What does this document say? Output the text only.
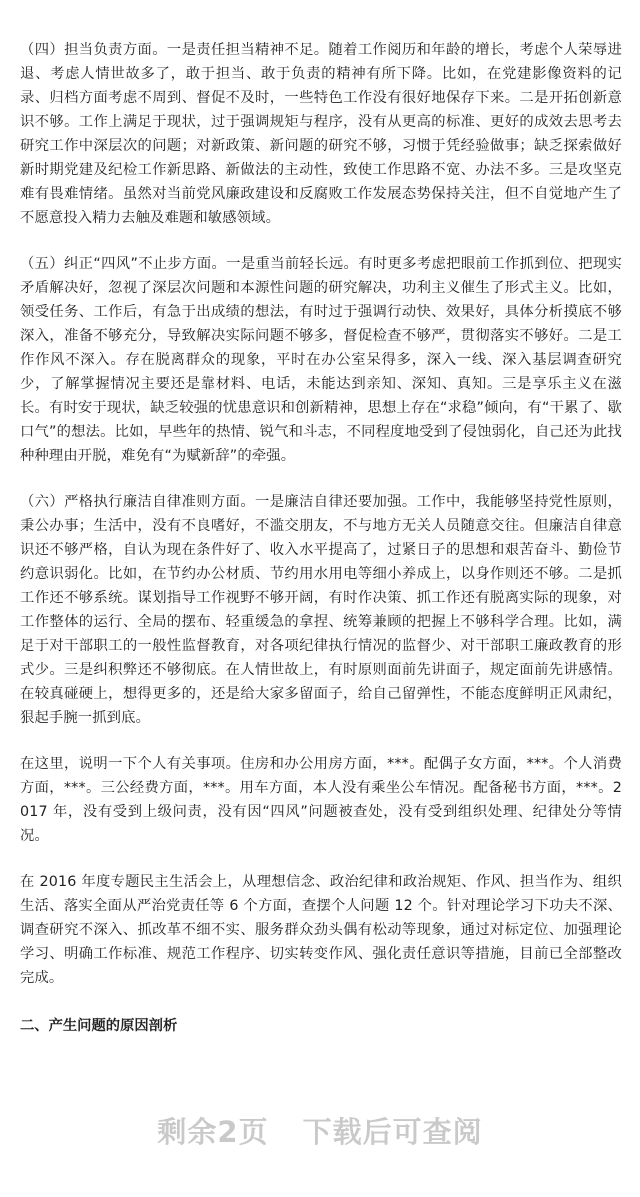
（四）担当负责方面。一是责任担当精神不足。随着工作阅历和年龄的增长，考虑个人荣辱进退、考虑人情世故多了，敢于担当、敢于负责的精神有所下降。比如，在党建影像资料的记录、归档方面考虑不周到、督促不及时，一些特色工作没有很好地保存下来。二是开拓创新意识不够。工作上满足于现状，过于强调规矩与程序，没有从更高的标准、更好的成效去思考去研究工作中深层次的问题；对新政策、新问题的研究不够，习惯于凭经验做事；缺乏探索做好新时期党建及纪检工作新思路、新做法的主动性，致使工作思路不宽、办法不多。三是攻坚克难有畏难情绪。虽然对当前党风廉政建设和反腐败工作发展态势保持关注，但不自觉地产生了不愿意投入精力去触及难题和敏感领域。

（五）纠正“四风”不止步方面。一是重当前轻长远。有时更多考虑把眼前工作抓到位、把现实矛盾解决好，忽视了深层次问题和本源性问题的研究解决，功利主义催生了形式主义。比如，领受任务、工作后，有急于出成绩的想法，有时过于强调行动快、效果好，具体分析摸底不够深入，准备不够充分，导致解决实际问题不够多，督促检查不够严，贯彻落实不够好。二是工作作风不深入。存在脱离群众的现象，平时在办公室呆得多，深入一线、深入基层调查研究少，了解掌握情况主要还是靠材料、电话，未能达到亲知、深知、真知。三是享乐主义在滋长。有时安于现状，缺乏较强的忧患意识和创新精神，思想上存在“求稳”倾向，有“干累了、歇口气”的想法。比如，早些年的热情、锐气和斗志，不同程度地受到了侵蚀弱化，自己还为此找种种理由开脱，难免有“为赋新辞”的牵强。

（六）严格执行廉洁自律准则方面。一是廉洁自律还要加强。工作中，我能够坚持党性原则，秉公办事；生活中，没有不良嗜好，不滥交朋友，不与地方无关人员随意交往。但廉洁自律意识还不够严格，自认为现在条件好了、收入水平提高了，过紧日子的思想和艰苦奋斗、勤俭节约意识弱化。比如，在节约办公材质、节约用水用电等细小养成上，以身作则还不够。二是抓工作还不够系统。谋划指导工作视野不够开阔，有时作决策、抓工作还有脱离实际的现象，对工作整体的运行、全局的摆布、轻重缓急的拿捏、统筹兼顾的把握上不够科学合理。比如，满足于对干部职工的一般性监督教育，对各项纪律执行情况的监督少、对干部职工廉政教育的形式少。三是纠积弊还不够彻底。在人情世故上，有时原则面前先讲面子，规定面前先讲感情。在较真碰硬上，想得更多的，还是给大家多留面子，给自己留弹性，不能态度鲜明正风肃纪，狠起手腕一抓到底。

在这里，说明一下个人有关事项。住房和办公用房方面，***。配偶子女方面，***。个人消费方面，***。三公经费方面，***。用车方面，本人没有乘坐公车情况。配备秘书方面，***。2017 年，没有受到上级问责，没有因“四风”问题被查处，没有受到组织处理、纪律处分等情况。

在 2016 年度专题民主生活会上，从理想信念、政治纪律和政治规矩、作风、担当作为、组织生活、落实全面从严治党责任等 6 个方面，查摆个人问题 12 个。针对理论学习下功夫不深、调查研究不深入、抓改革不细不实、服务群众劲头偶有松动等现象，通过对标定位、加强理论学习、明确工作标准、规范工作程序、切实转变作风、强化责任意识等措施，目前已全部整改完成。

二、产生问题的原因剖析
剩余2页 下载后可查阅
